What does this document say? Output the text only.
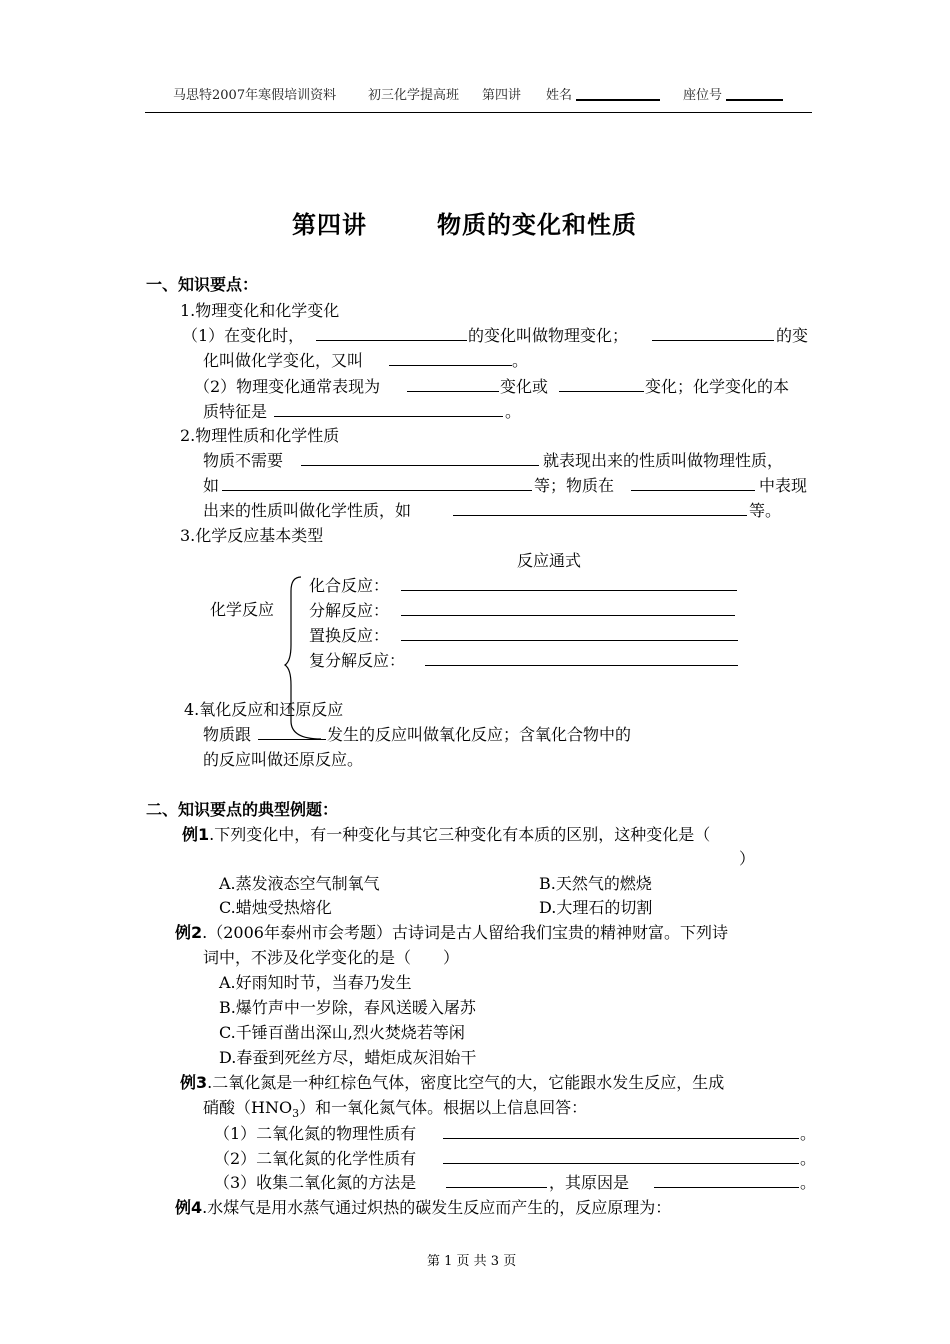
马思特2007年寒假培训资料 初三化学提高班 第四讲 姓名	座位号
第四讲	物质的变化和性质
一、知识要点：
1.物理变化和化学变化
（1）在变化时，	的变化叫做物理变化；	的变
化叫做化学变化，又叫	。
（2）物理变化通常表现为	变化或	变化；化学变化的本
质特征是	。
2.物理性质和化学性质
物质不需要	就表现出来的性质叫做物理性质，
如	等；物质在	中表现
出来的性质叫做化学性质，如	等。
3.化学反应基本类型
反应通式
化学反应
化合反应：
分解反应：
置换反应：
复分解反应：
4.氧化反应和还原反应
物质跟	发生的反应叫做氧化反应；含氧化合物中的
的反应叫做还原反应。
二、知识要点的典型例题：
例1.下列变化中，有一种变化与其它三种变化有本质的区别，这种变化是（
）
A.蒸发液态空气制氧气	B.天然气的燃烧
C.蜡烛受热熔化	D.大理石的切割
例2.（2006年泰州市会考题）古诗词是古人留给我们宝贵的精神财富。下列诗
词中，不涉及化学变化的是（　　）
A.好雨知时节，当春乃发生
B.爆竹声中一岁除，春风送暖入屠苏
C.千锤百凿出深山,烈火焚烧若等闲
D.春蚕到死丝方尽，蜡炬成灰泪始干
例3.二氧化氮是一种红棕色气体，密度比空气的大，它能跟水发生反应，生成
硝酸$(HNO_3)$和一氧化氮气体。根据以上信息回答：
（1）二氧化氮的物理性质有	。
（2）二氧化氮的化学性质有	。
（3）收集二氧化氮的方法是	，其原因是	。
例4.水煤气是用水蒸气通过炽热的碳发生反应而产生的，反应原理为：
第 1 页 共 3 页
